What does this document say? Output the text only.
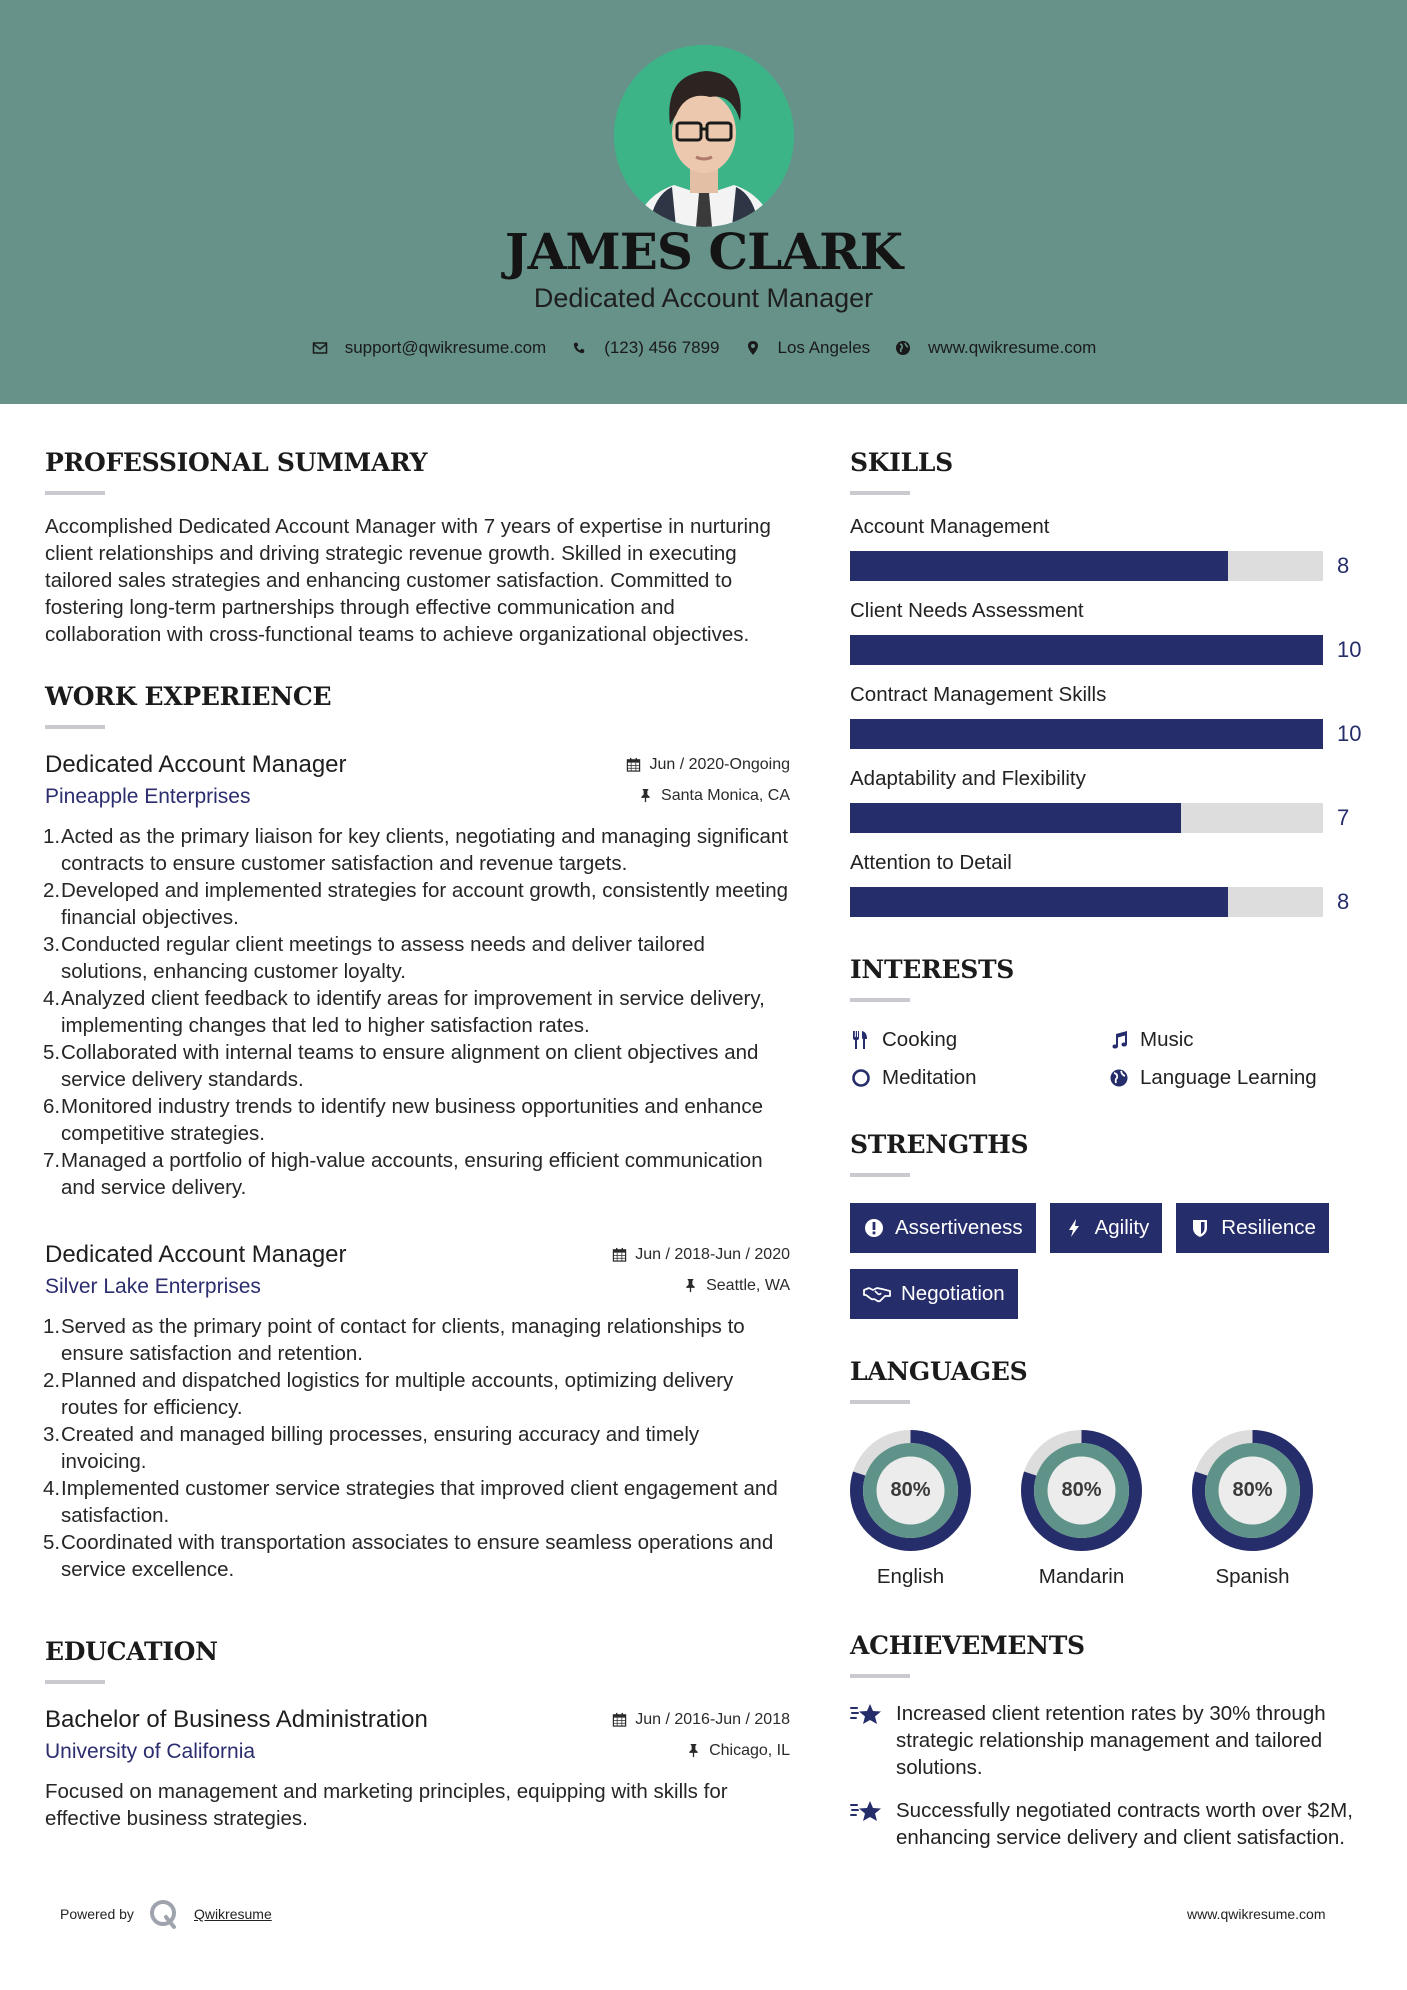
JAMES CLARK
Dedicated Account Manager
support@qwikresume.com	(123) 456 7899	Los Angeles	www.qwikresume.com
PROFESSIONAL SUMMARY

Accomplished Dedicated Account Manager with 7 years of expertise in nurturing client relationships and driving strategic revenue growth. Skilled in executing tailored sales strategies and enhancing customer satisfaction. Committed to fostering long-term partnerships through effective communication and collaboration with cross-functional teams to achieve organizational objectives.

WORK EXPERIENCE
Dedicated Account Manager	Jun / 2020-Ongoing
Pineapple Enterprises	Santa Monica, CA
1. Acted as the primary liaison for key clients, negotiating and managing significant contracts to ensure customer satisfaction and revenue targets.
2. Developed and implemented strategies for account growth, consistently meeting financial objectives.
3. Conducted regular client meetings to assess needs and deliver tailored solutions, enhancing customer loyalty.
4. Analyzed client feedback to identify areas for improvement in service delivery, implementing changes that led to higher satisfaction rates.
5. Collaborated with internal teams to ensure alignment on client objectives and service delivery standards.
6. Monitored industry trends to identify new business opportunities and enhance competitive strategies.
7. Managed a portfolio of high-value accounts, ensuring efficient communication and service delivery.
Dedicated Account Manager	Jun / 2018-Jun / 2020
Silver Lake Enterprises	Seattle, WA
1. Served as the primary point of contact for clients, managing relationships to ensure satisfaction and retention.
2. Planned and dispatched logistics for multiple accounts, optimizing delivery routes for efficiency.
3. Created and managed billing processes, ensuring accuracy and timely invoicing.
4. Implemented customer service strategies that improved client engagement and satisfaction.
5. Coordinated with transportation associates to ensure seamless operations and service excellence.
EDUCATION
Bachelor of Business Administration	Jun / 2016-Jun / 2018
University of California	Chicago, IL

Focused on management and marketing principles, equipping with skills for effective business strategies.

SKILLS
Account Management
8
Client Needs Assessment
10
Contract Management Skills
10
Adaptability and Flexibility
7
Attention to Detail
8
INTERESTS
Cooking	Music
Meditation	Language Learning
STRENGTHS
Assertiveness	Agility	Resilience
Negotiation
LANGUAGES
80%
English
80%
Mandarin
80%
Spanish
ACHIEVEMENTS
Increased client retention rates by 30% through strategic relationship management and tailored solutions.
Successfully negotiated contracts worth over $2M, enhancing service delivery and client satisfaction.
Powered by	Qwikresume	www.qwikresume.com
